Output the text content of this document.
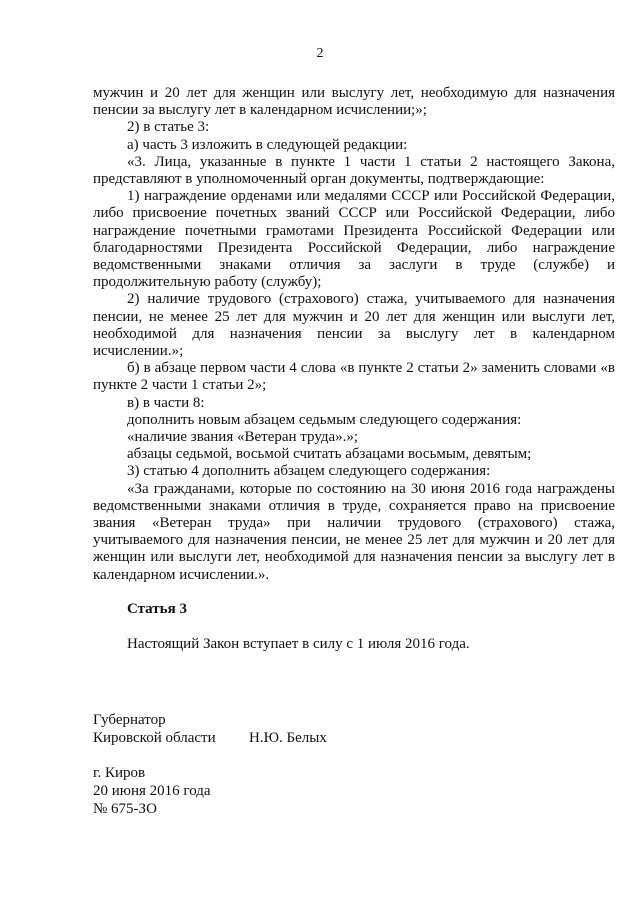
2

мужчин и 20 лет для женщин или выслугу лет, необходимую для назначения пенсии за выслугу лет в календарном исчислении;»;

2) в статье 3:

а) часть 3 изложить в следующей редакции:

«3. Лица, указанные в пункте 1 части 1 статьи 2 настоящего Закона, представляют в уполномоченный орган документы, подтверждающие:

1) награждение орденами или медалями СССР или Российской Федерации, либо присвоение почетных званий СССР или Российской Федерации, либо награждение почетными грамотами Президента Российской Федерации или благодарностями Президента Российской Федерации, либо награждение ведомственными знаками отличия за заслуги в труде (службе) и продолжительную работу (службу);

2) наличие трудового (страхового) стажа, учитываемого для назначения пенсии, не менее 25 лет для мужчин и 20 лет для женщин или выслуги лет, необходимой для назначения пенсии за выслугу лет в календарном исчислении.»;

б) в абзаце первом части 4 слова «в пункте 2 статьи 2» заменить словами «в пункте 2 части 1 статьи 2»;

в) в части 8:

дополнить новым абзацем седьмым следующего содержания:

«наличие звания «Ветеран труда».»;

абзацы седьмой, восьмой считать абзацами восьмым, девятым;

3) статью 4 дополнить абзацем следующего содержания:

«За гражданами, которые по состоянию на 30 июня 2016 года награждены ведомственными знаками отличия в труде, сохраняется право на присвоение звания «Ветеран труда» при наличии трудового (страхового) стажа, учитываемого для назначения пенсии, не менее 25 лет для мужчин и 20 лет для женщин или выслуги лет, необходимой для назначения пенсии за выслугу лет в календарном исчислении.».

Статья 3
Настоящий Закон вступает в силу с 1 июля 2016 года.
Губернатор
Кировской области Н.Ю. Белых
г. Киров
20 июня 2016 года
№ 675-ЗО
